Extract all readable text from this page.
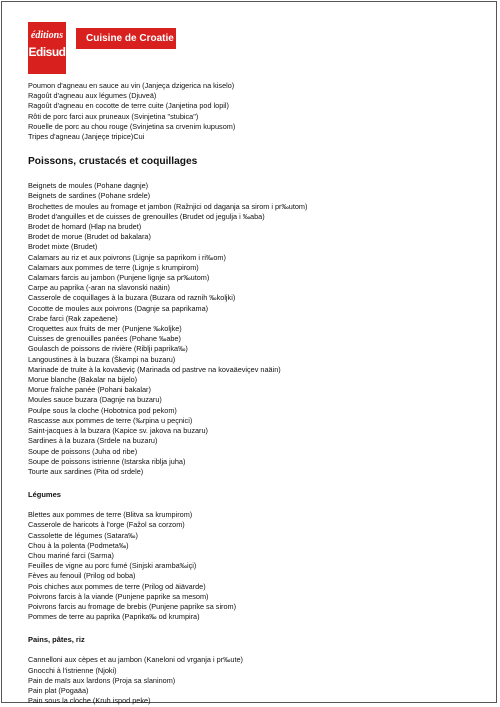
éditions
Edisud
Cuisine de Croatie
Poumon d'agneau en sauce au vin (Janjeça dzigerica na kiselo)
Ragoût d'agneau aux légumes (Djuveä)
Ragoût d'agneau en cocotte de terre cuite (Janjetina pod lopil)
Rôti de porc farci aux pruneaux (Svinjetina "stubica")
Rouelle de porc au chou rouge (Svinjetina sa crvenim kupusom)
Tripes d'agneau (Janjeçe tripice)Cui
Poissons, crustacés et coquillages
Beignets de moules (Pohane dagnje)
Beignets de sardines (Pohane srdele)
Brochettes de moules au fromage et jambon (Ražnjici od daganja sa sirom i pr‰utom)
Brodet d'anguilles et de cuisses de grenouilles (Brudet od jegulja i ‰aba)
Brodet de homard (Hlap na brudet)
Brodet de morue (Brudet od bakalara)
Brodet mixte (Brudet)
Calamars au riz et aux poivrons (Lignje sa paprikom i ri‰om)
Calamars aux pommes de terre (Lignje s krumpirom)
Calamars farcis au jambon (Punjene lignje sa pr‰utom)
Carpe au paprika (-aran na slavonski naäin)
Casserole de coquillages à la buzara (Buzara od raznih ‰koljki)
Cocotte de moules aux poivrons (Dagnje sa paprikama)
Crabe farci (Rak zapeäene)
Croquettes aux fruits de mer (Punjene ‰koljke)
Cuisses de grenouilles panées (Pohane ‰abe)
Goulasch de poissons de rivière (Riblji paprika‰)
Langoustines à la buzara (Škampi na buzaru)
Marinade de truite à la kovaäeviç (Marinada od pastrve na kovaäeviçev naäin)
Morue blanche (Bakalar na bijelo)
Morue fraîche panée (Pohani bakalar)
Moules sauce buzara (Dagnje na buzaru)
Poulpe sous la cloche (Hobotnica pod pekom)
Rascasse aux pommes de terre (‰rpina u peçnici)
Saint-jacques à la buzara (Kapice sv. jakova na buzaru)
Sardines à la buzara (Srdele na buzaru)
Soupe de poissons (Juha od ribe)
Soupe de poissons istrienne (Istarska riblja juha)
Tourte aux sardines (Pita od srdele)
Légumes
Blettes aux pommes de terre (Blitva sa krumpirom)
Casserole de haricots à l'orge (Fažol sa corzom)
Cassolette de légumes (Satara‰)
Chou à la polenta (Podmeta‰)
Chou mariné farci (Sarma)
Feuilles de vigne au porc fumé (Sinjski aramba‰içi)
Fèves au fenouil (Prilog od boba)
Pois chiches aux pommes de terre (Prilog od äiävarde)
Poivrons farcis à la viande (Punjene paprike sa mesom)
Poivrons farcis au fromage de brebis (Punjene paprike sa sirom)
Pommes de terre au paprika (Paprika‰ od krumpira)
Pains, pâtes, riz
Cannelloni aux cèpes et au jambon (Kaneloni od vrganja i pr‰ute)
Gnocchi à l'istrienne (Njoki)
Pain de maïs aux lardons (Proja sa slaninom)
Pain plat (Pogaäa)
Pain sous la cloche (Kruh ispod peke)
